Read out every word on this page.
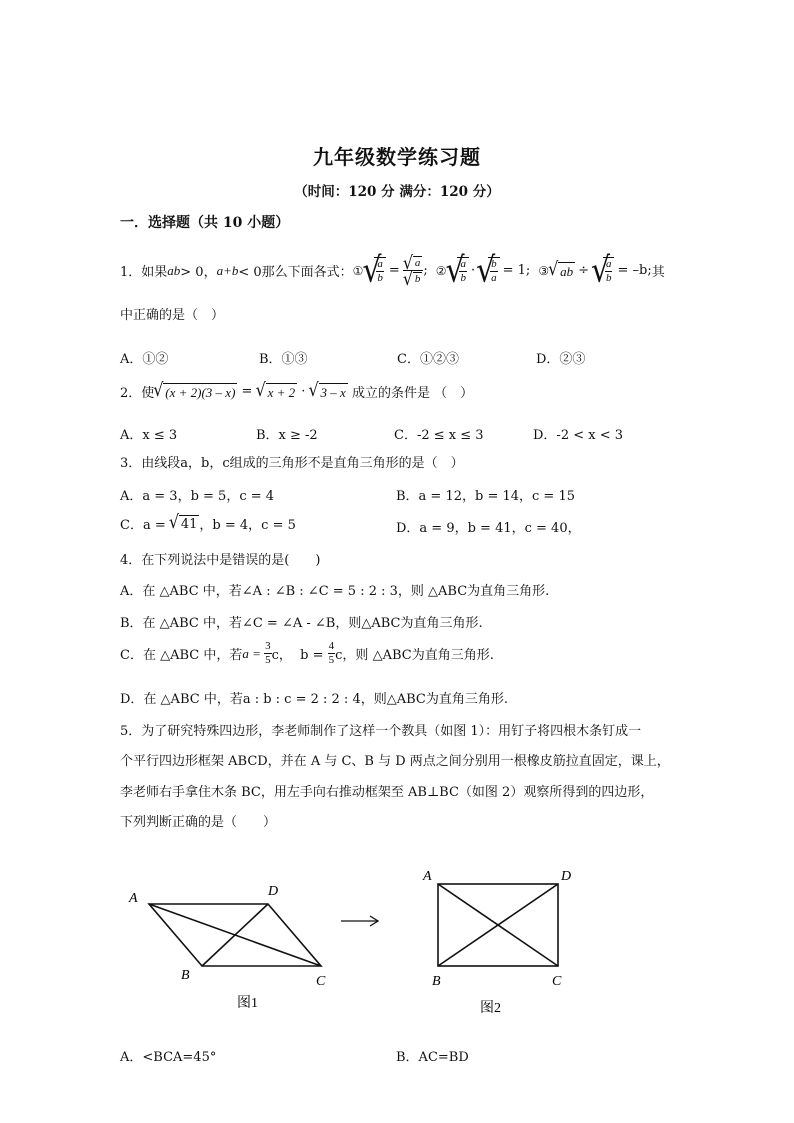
九年级数学练习题
（时间：120 分 满分：120 分）
一．选择题（共 10 小题）
1．如果 ab > 0， a+b < 0那么下面各式： ① √ $\frac{a}{b}$ = √ a
√ b ; ② √ $\frac{a}{b}$ · √ $\frac{b}{a} = 1$; ③ √ ab ÷ √ $\frac{a}{b} = -b$; 其
中正确的是（　）
A．①②	B．①③	C．①②③	D．②③
2．使 √ (x + 2)(3 – x) = √ x + 2 · √ 3 – x 成立的条件是 （　）
A．x ≤ 3	B．x ≥ -2	C．-2 ≤ x ≤ 3	D．-2 < x < 3
3．由线段a，b，c组成的三角形不是直角三角形的是（　）
A．a = 3，b = 5，c = 4	B．a = 12，b = 14，c = 15
C．a = √ 41 ，b = 4，c = 5	D．a = 9，b = 41，c = 40，
4．在下列说法中是错误的是(　　)
A．在 △ABC 中，若∠A : ∠B : ∠C = 5 : 2 : 3，则 △ABC为直角三角形.
B．在 △ABC 中，若∠C = ∠A - ∠B，则△ABC为直角三角形.
C．在 △ABC 中，若 $a = \frac{3}{5}$ c，  $b = \frac{4}{5}$ c，则 △ABC为直角三角形.
D．在 △ABC 中，若a : b : c = 2 : 2 : 4，则△ABC为直角三角形.
5．为了研究特殊四边形，李老师制作了这样一个教具（如图 1）：用钉子将四根木条钉成一
个平行四边形框架 ABCD，并在 A 与 C、B 与 D 两点之间分别用一根橡皮筋拉直固定，课上，
李老师右手拿住木条 BC，用左手向右推动框架至 AB⊥BC（如图 2）观察所得到的四边形，
下列判断正确的是（　　）
A	D
B	C
图1
A	D
B	C
图2
A．<BCA=45°	B．AC=BD
